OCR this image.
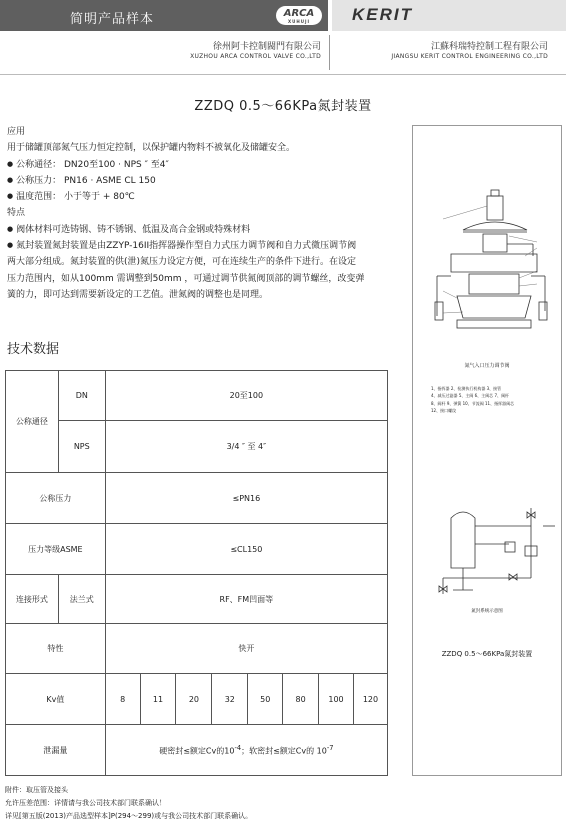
简明产品样本	ARCA
XUHUJI	KERIT
徐州阿卡控制閥門有限公司
XUZHOU ARCA CONTROL VALVE CO.,LTD
江蘇科瑞特控制工程有限公司
JIANGSU KERIT CONTROL ENGINEERING CO.,LTD
ZZDQ 0.5～66KPa氮封装置
应用
用于储罐顶部氮气压力恒定控制，以保护罐内物料不被氧化及储罐安全。
● 公称通径： DN20至100 · NPS ″ 至4″
● 公称压力： PN16 · ASME CL 150
● 温度范围： 小于等于 + 80℃
特点
● 阀体材料可选铸钢、铸不锈钢、低温及高合金钢或特殊材料
● 氮封装置氮封装置是由ZZYP-16II指挥器操作型自力式压力调节阀和自力式微压调节阀
两大部分组成。氮封装置的供(泄)氮压力设定方便，可在连续生产的条件下进行。在设定
压力范围内，如从100mm 需调整到50mm ，可通过调节供氮阀顶部的调节螺丝，改变弹
簧的力，即可达到需要新设定的工艺值。泄氮阀的调整也是同理。
技术数据
公称通径	DN	20至100							
	NPS	3/4 ″ 至 4″							
公称压力		≤PN16							
压力等级ASME		≤CL150							
连接形式	法兰式	RF、FM凹面等							
特性		快开							
Kv值		8	11	20	32	50	80	100	120
泄漏量		硬密封≤额定Cv的$10^{-4}$；软密封≤额定Cv的 $10^{-7}$
氮气入口压力调节阀
1、指挥器 2、检测执行机构器 3、接管
4、减压过滤器 5、主阀 6、主阀芯 7、阀杆
8、阀杆 9、弹簧 10、节流阀 11、指挥器阀芯
12、接口螺纹
氮封系统示意图
ZZDQ 0.5～66KPa氮封装置
附件：取压管及接头
允许压差范围：详情请与我公司技术部门联系确认！
详见[第五版(2013)产品选型样本]P(294～299)或与我公司技术部门联系确认。
